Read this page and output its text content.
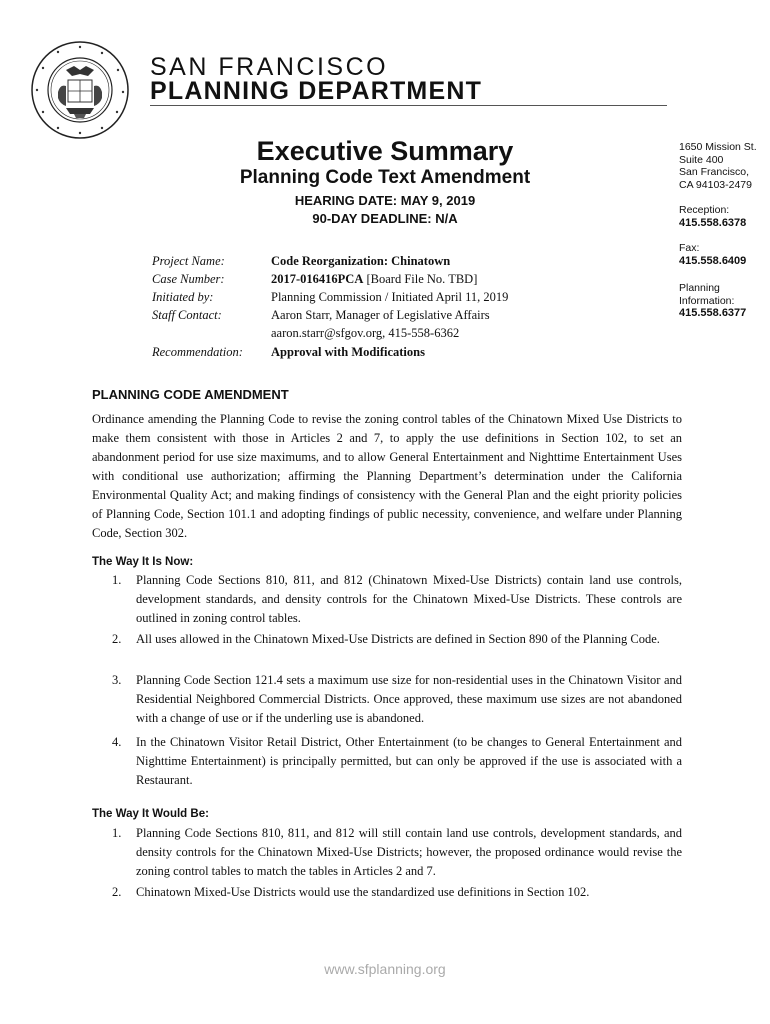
SAN FRANCISCO
PLANNING DEPARTMENT
Executive Summary
Planning Code Text Amendment
HEARING DATE: MAY 9, 2019
90-DAY DEADLINE: N/A
1650 Mission St.
Suite 400
San Francisco,
CA 94103-2479
Reception:
415.558.6378
Fax:
415.558.6409
Planning
Information:
415.558.6377
Project Name:	Code Reorganization: Chinatown
Case Number:	2017-016416PCA [Board File No. TBD]
Initiated by:	Planning Commission / Initiated April 11, 2019
Staff Contact:	Aaron Starr, Manager of Legislative Affairs
aaron.starr@sfgov.org, 415-558-6362
Recommendation: Approval with Modifications
PLANNING CODE AMENDMENT
Ordinance amending the Planning Code to revise the zoning control tables of the Chinatown Mixed Use Districts to make them consistent with those in Articles 2 and 7, to apply the use definitions in Section 102, to set an abandonment period for use size maximums, and to allow General Entertainment and Nighttime Entertainment Uses with conditional use authorization; affirming the Planning Department’s determination under the California Environmental Quality Act; and making findings of consistency with the General Plan and the eight priority policies of Planning Code, Section 101.1 and adopting findings of public necessity, convenience, and welfare under Planning Code, Section 302.
The Way It Is Now:
1.	Planning Code Sections 810, 811, and 812 (Chinatown Mixed-Use Districts) contain land use controls, development standards, and density controls for the Chinatown Mixed-Use Districts. These controls are outlined in zoning control tables.
2.	All uses allowed in the Chinatown Mixed-Use Districts are defined in Section 890 of the Planning Code.
3.	Planning Code Section 121.4 sets a maximum use size for non-residential uses in the Chinatown Visitor and Residential Neighbored Commercial Districts. Once approved, these maximum use sizes are not abandoned with a change of use or if the underling use is abandoned.
4.	In the Chinatown Visitor Retail District, Other Entertainment (to be changes to General Entertainment and Nighttime Entertainment) is principally permitted, but can only be approved if the use is associated with a Restaurant.
The Way It Would Be:
1.	Planning Code Sections 810, 811, and 812 will still contain land use controls, development standards, and density controls for the Chinatown Mixed-Use Districts; however, the proposed ordinance would revise the zoning control tables to match the tables in Articles 2 and 7.
2.	Chinatown Mixed-Use Districts would use the standardized use definitions in Section 102.
www.sfplanning.org
